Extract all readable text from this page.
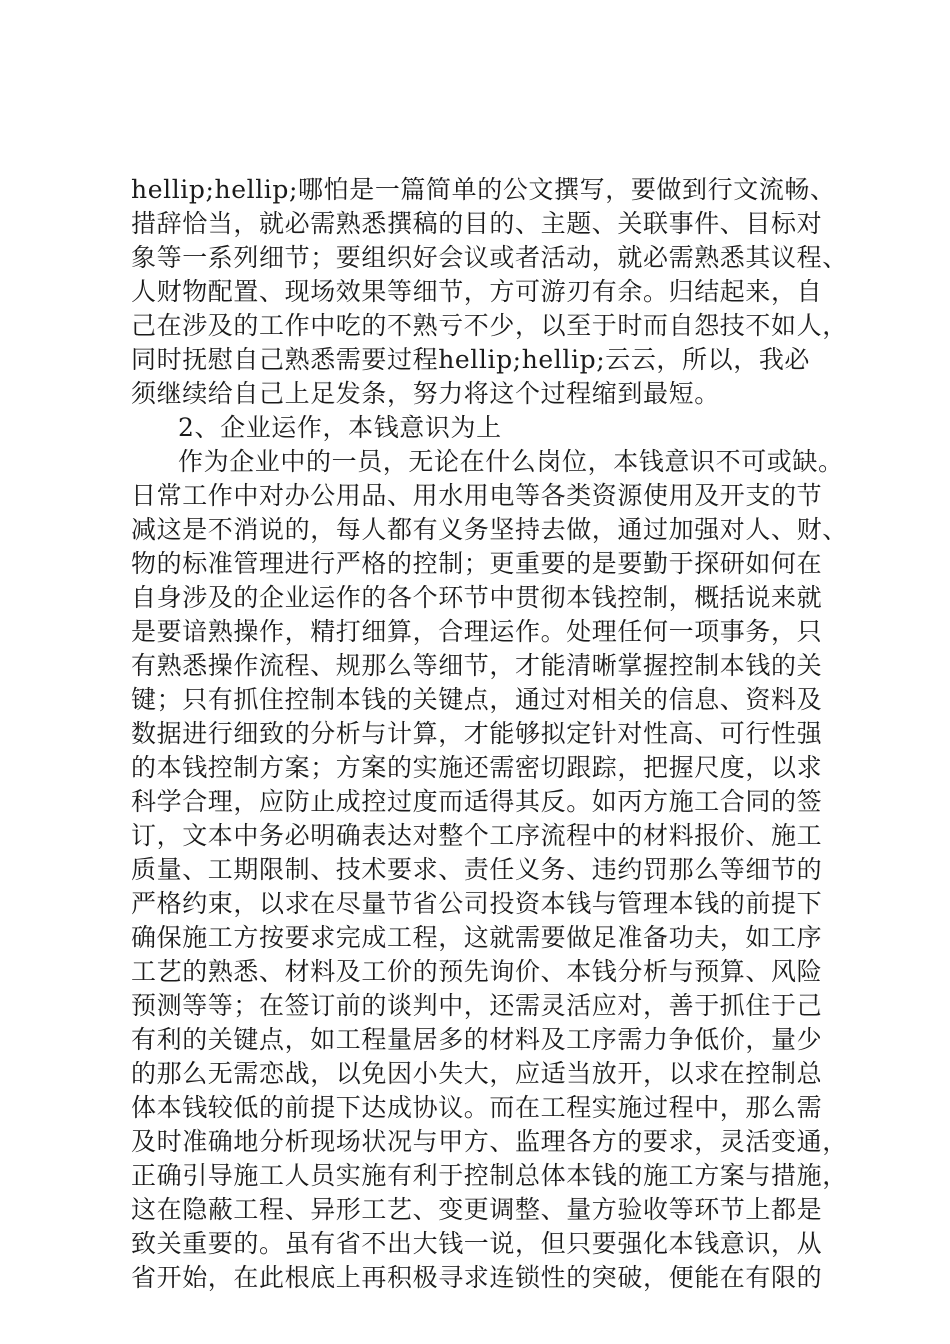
hellip;hellip;哪怕是一篇简单的公文撰写，要做到行文流畅、
措辞恰当，就必需熟悉撰稿的目的、主题、关联事件、目标对
象等一系列细节；要组织好会议或者活动，就必需熟悉其议程、
人财物配置、现场效果等细节，方可游刃有余。归结起来，自
己在涉及的工作中吃的不熟亏不少，以至于时而自怨技不如人，
同时抚慰自己熟悉需要过程hellip;hellip;云云，所以，我必
须继续给自己上足发条，努力将这个过程缩到最短。
2、企业运作，本钱意识为上
作为企业中的一员，无论在什么岗位，本钱意识不可或缺。
日常工作中对办公用品、用水用电等各类资源使用及开支的节
减这是不消说的，每人都有义务坚持去做，通过加强对人、财、
物的标准管理进行严格的控制；更重要的是要勤于探研如何在
自身涉及的企业运作的各个环节中贯彻本钱控制，概括说来就
是要谙熟操作，精打细算，合理运作。处理任何一项事务，只
有熟悉操作流程、规那么等细节，才能清晰掌握控制本钱的关
键；只有抓住控制本钱的关键点，通过对相关的信息、资料及
数据进行细致的分析与计算，才能够拟定针对性高、可行性强
的本钱控制方案；方案的实施还需密切跟踪，把握尺度，以求
科学合理，应防止成控过度而适得其反。如丙方施工合同的签
订，文本中务必明确表达对整个工序流程中的材料报价、施工
质量、工期限制、技术要求、责任义务、违约罚那么等细节的
严格约束，以求在尽量节省公司投资本钱与管理本钱的前提下
确保施工方按要求完成工程，这就需要做足准备功夫，如工序
工艺的熟悉、材料及工价的预先询价、本钱分析与预算、风险
预测等等；在签订前的谈判中，还需灵活应对，善于抓住于己
有利的关键点，如工程量居多的材料及工序需力争低价，量少
的那么无需恋战，以免因小失大，应适当放开，以求在控制总
体本钱较低的前提下达成协议。而在工程实施过程中，那么需
及时准确地分析现场状况与甲方、监理各方的要求，灵活变通，
正确引导施工人员实施有利于控制总体本钱的施工方案与措施，
这在隐蔽工程、异形工艺、变更调整、量方验收等环节上都是
致关重要的。虽有省不出大钱一说，但只要强化本钱意识，从
省开始，在此根底上再积极寻求连锁性的突破，便能在有限的
